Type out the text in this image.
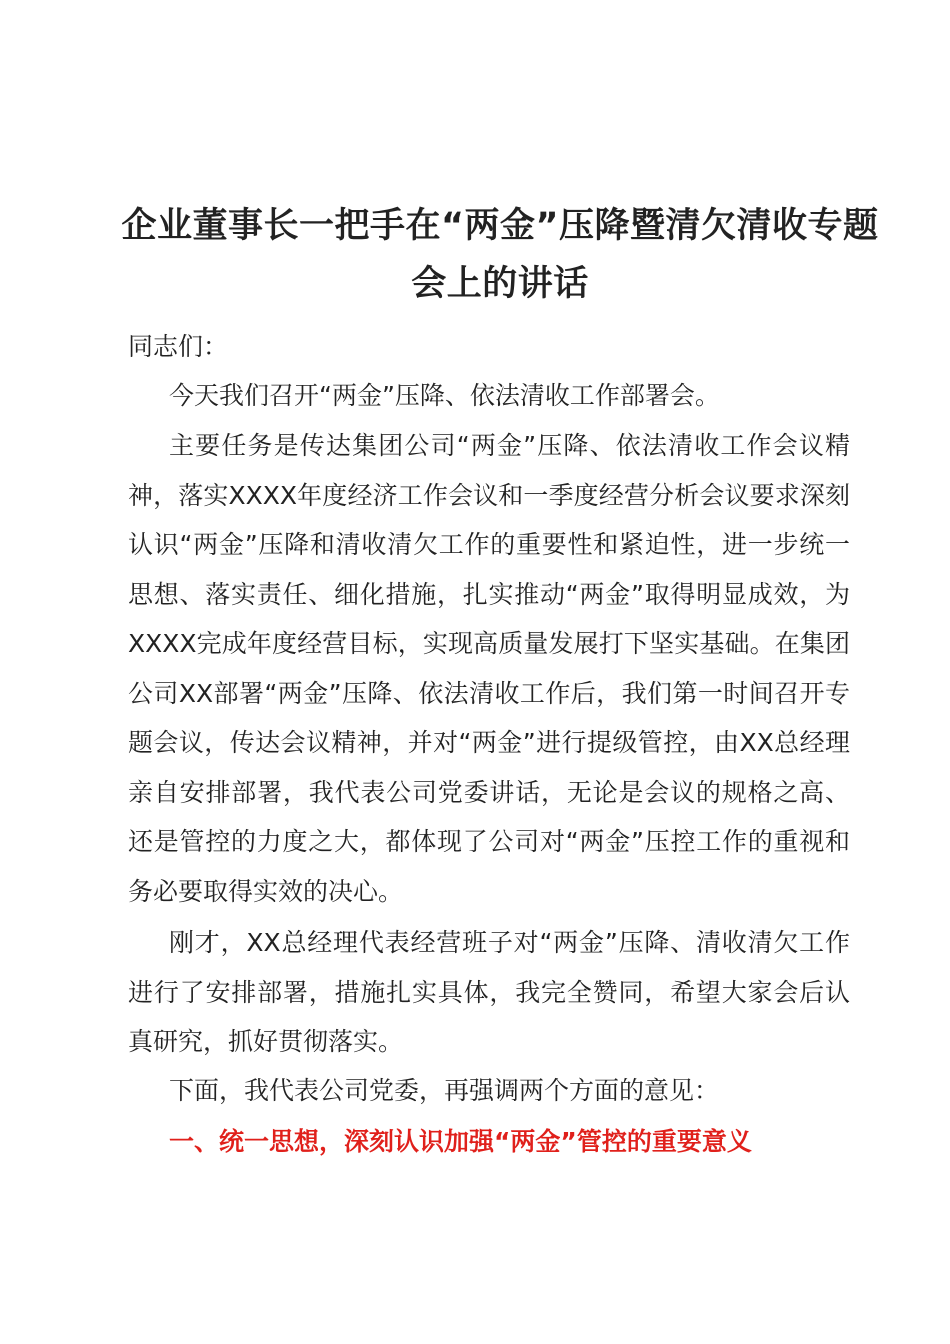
企业董事长一把手在“两金”压降暨清欠清收专题会上的讲话
同志们：

今天我们召开“两金”压降、依法清收工作部署会。

主要任务是传达集团公司“两金”压降、依法清收工作会议精神，落实XXXX年度经济工作会议和一季度经营分析会议要求深刻认识“两金”压降和清收清欠工作的重要性和紧迫性，进一步统一思想、落实责任、细化措施，扎实推动“两金”取得明显成效，为XXXX完成年度经营目标，实现高质量发展打下坚实基础。在集团公司XX部署“两金”压降、依法清收工作后，我们第一时间召开专题会议，传达会议精神，并对“两金”进行提级管控，由XX总经理亲自安排部署，我代表公司党委讲话，无论是会议的规格之高、还是管控的力度之大，都体现了公司对“两金”压控工作的重视和务必要取得实效的决心。

刚才，XX总经理代表经营班子对“两金”压降、清收清欠工作进行了安排部署，措施扎实具体，我完全赞同，希望大家会后认真研究，抓好贯彻落实。

下面，我代表公司党委，再强调两个方面的意见：

一、统一思想，深刻认识加强“两金”管控的重要意义
